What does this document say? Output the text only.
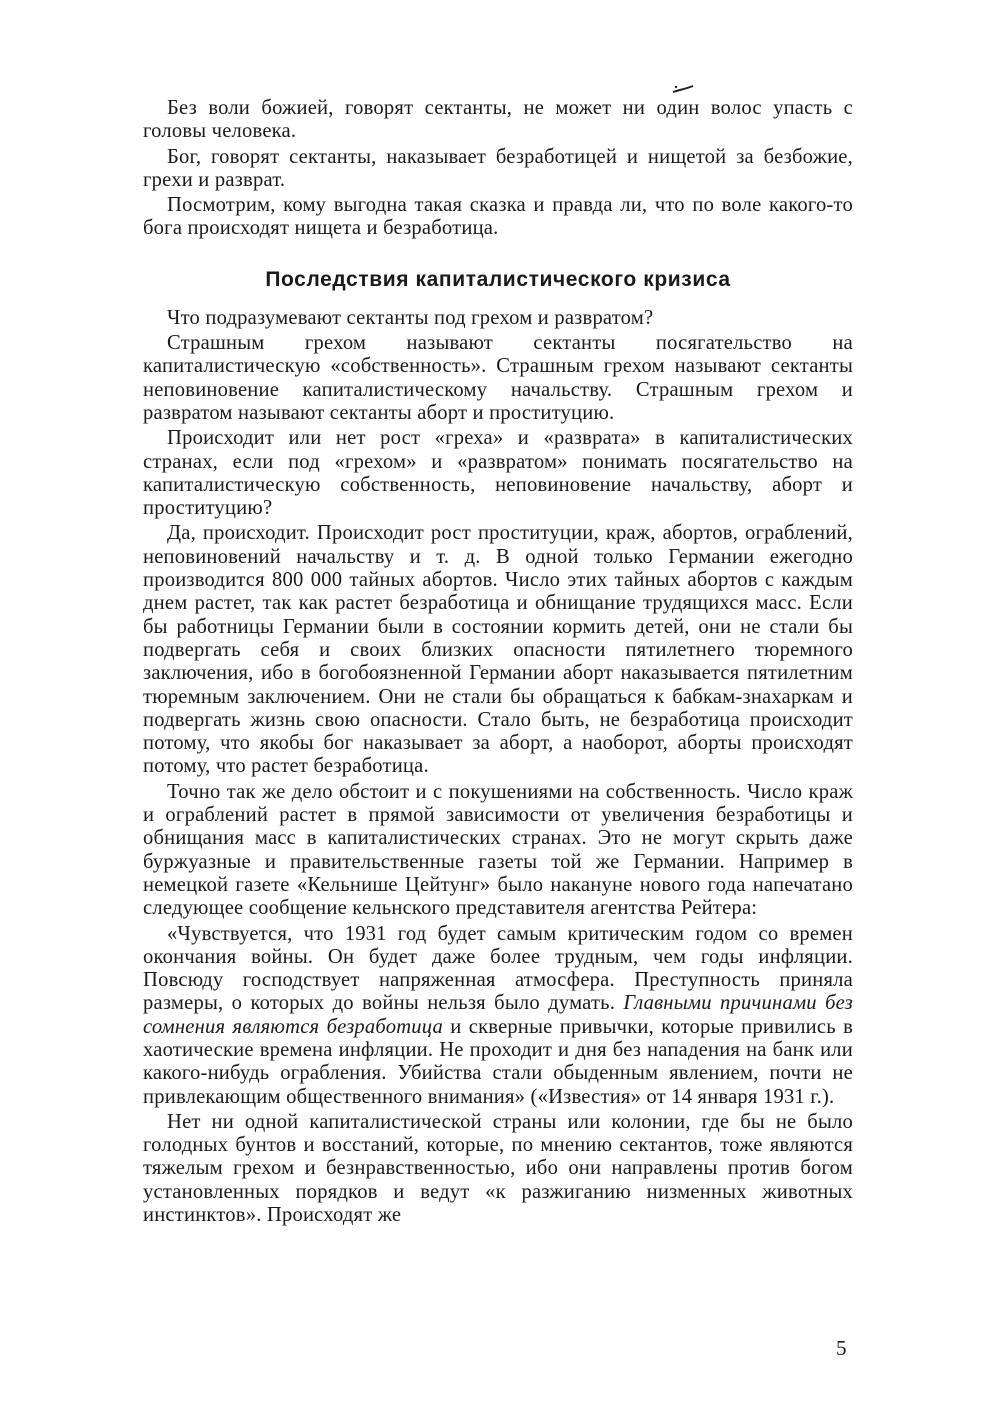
Без воли божией, говорят сектанты, не может ни один волос упасть с головы человека.

Бог, говорят сектанты, наказывает безработицей и нищетой за безбожие, грехи и разврат.

Посмотрим, кому выгодна такая сказка и правда ли, что по воле какого-то бога происходят нищета и безработица.

Последствия капиталистического кризиса

Что подразумевают сектанты под грехом и развратом?

Страшным грехом называют сектанты посягательство на капиталистическую «собственность». Страшным грехом называют сектанты неповиновение капиталистическому начальству. Страшным грехом и развратом называют сектанты аборт и проституцию.

Происходит или нет рост «греха» и «разврата» в капиталистических странах, если под «грехом» и «развратом» понимать посягательство на капиталистическую собственность, неповиновение начальству, аборт и проституцию?

Да, происходит. Происходит рост проституции, краж, абортов, ограблений, неповиновений начальству и т. д. В одной только Германии ежегодно производится 800 000 тайных абортов. Число этих тайных абортов с каждым днем растет, так как растет безработица и обнищание трудящихся масс. Если бы работницы Германии были в состоянии кормить детей, они не стали бы подвергать себя и своих близких опасности пятилетнего тюремного заключения, ибо в богобоязненной Германии аборт наказывается пятилетним тюремным заключением. Они не стали бы обращаться к бабкам-знахаркам и подвергать жизнь свою опасности. Стало быть, не безработица происходит потому, что якобы бог наказывает за аборт, а наоборот, аборты происходят потому, что растет безработица.

Точно так же дело обстоит и с покушениями на собственность. Число краж и ограблений растет в прямой зависимости от увеличения безработицы и обнищания масс в капиталистических странах. Это не могут скрыть даже буржуазные и правительственные газеты той же Германии. Например в немецкой газете «Кельнише Цейтунг» было накануне нового года напечатано следующее сообщение кельнского представителя агентства Рейтера:

«Чувствуется, что 1931 год будет самым критическим годом со времен окончания войны. Он будет даже более трудным, чем годы инфляции. Повсюду господствует напряженная атмосфера. Преступность приняла размеры, о которых до войны нельзя было думать. Главными причинами без сомнения являются безработица и скверные привычки, которые привились в хаотические времена инфляции. Не проходит и дня без нападения на банк или какого-нибудь ограбления. Убийства стали обыденным явлением, почти не привлекающим общественного внимания» («Известия» от 14 января 1931 г.).

Нет ни одной капиталистической страны или колонии, где бы не было голодных бунтов и восстаний, которые, по мнению сектантов, тоже являются тяжелым грехом и безнравственностью, ибо они направлены против богом установленных порядков и ведут «к разжиганию низменных животных инстинктов». Происходят же

5
